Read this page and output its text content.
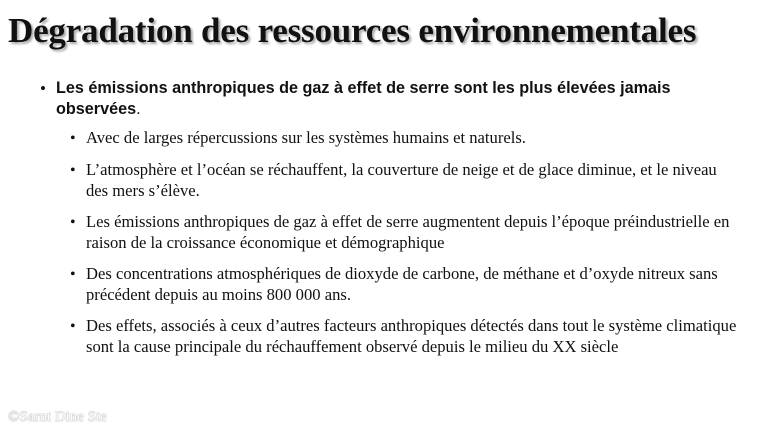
Dégradation des ressources environnementales
• Les émissions anthropiques de gaz à effet de serre sont les plus élevées jamais observées.
• Avec de larges répercussions sur les systèmes humains et naturels.
• L’atmosphère et l’océan se réchauffent, la couverture de neige et de glace diminue, et le niveau des mers s’élève.
• Les émissions anthropiques de gaz à effet de serre augmentent depuis l’époque préindustrielle en raison de la croissance économique et démographique
• Des concentrations atmosphériques de dioxyde de carbone, de méthane et d’oxyde nitreux sans précédent depuis au moins 800 000 ans.
• Des effets, associés à ceux d’autres facteurs anthropiques détectés dans tout le système climatique sont la cause principale du réchauffement observé depuis le milieu du XX siècle
©Sarnt Dine Ste
